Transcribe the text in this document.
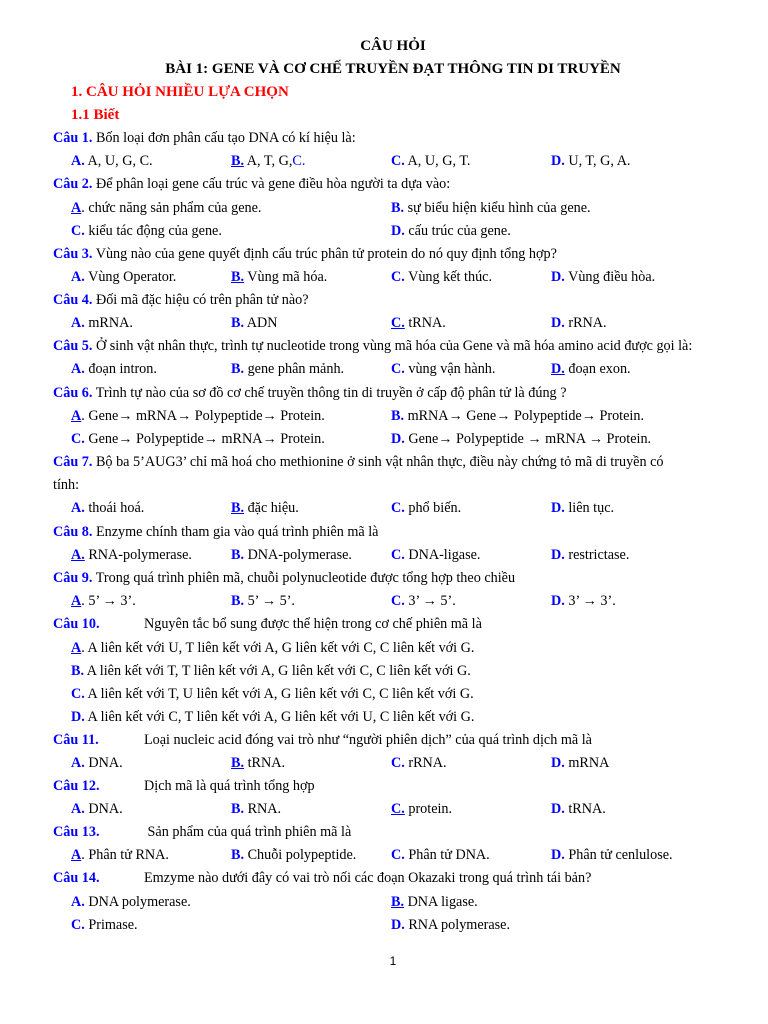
CÂU HỎI
BÀI 1: GENE VÀ CƠ CHẾ TRUYỀN ĐẠT THÔNG TIN DI TRUYỀN
1. CÂU HỎI NHIỀU LỰA CHỌN
1.1 Biết
Câu 1. Bốn loại đơn phân cấu tạo DNA có kí hiệu là:
A. A, U, G, C.	B. A, T, G,C.	C. A, U, G, T.	D. U, T, G, A.
Câu 2. Để phân loại gene cấu trúc và gene điều hòa người ta dựa vào:
A. chức năng sản phẩm của gene.	B. sự biểu hiện kiểu hình của gene.
C. kiểu tác động của gene.	D. cấu trúc của gene.
Câu 3. Vùng nào của gene quyết định cấu trúc phân tử protein do nó quy định tổng hợp?
A. Vùng Operator.	B. Vùng mã hóa.	C. Vùng kết thúc.	D. Vùng điều hòa.
Câu 4. Đối mã đặc hiệu có trên phân tử nào?
A. mRNA.	B. ADN	C. tRNA.	D. rRNA.
Câu 5. Ở sinh vật nhân thực, trình tự nucleotide trong vùng mã hóa của Gene và mã hóa amino acid được gọi là:
A. đoạn intron.	B. gene phân mảnh.	C. vùng vận hành.	D. đoạn exon.
Câu 6. Trình tự nào của sơ đồ cơ chế truyền thông tin di truyền ở cấp độ phân tử là đúng ?
A. Gene→ mRNA→ Polypeptide→ Protein.	B. mRNA→ Gene→ Polypeptide→ Protein.
C. Gene→ Polypeptide→ mRNA→ Protein.	D. Gene→ Polypeptide → mRNA → Protein.
Câu 7. Bộ ba 5’AUG3’ chỉ mã hoá cho methionine ở sinh vật nhân thực, điều này chứng tỏ mã di truyền có
tính:
A. thoái hoá.	B. đặc hiệu.	C. phổ biến.	D. liên tục.
Câu 8. Enzyme chính tham gia vào quá trình phiên mã là
A. RNA-polymerase.	B. DNA-polymerase.	C. DNA-ligase.	D. restrictase.
Câu 9. Trong quá trình phiên mã, chuỗi polynucleotide được tổng hợp theo chiều
A. 5’ → 3’.	B. 5’ → 5’.	C. 3’ → 5’.	D. 3’ → 3’.
Câu 10.	Nguyên tắc bổ sung được thể hiện trong cơ chế phiên mã là
A. A liên kết với U, T liên kết với A, G liên kết với C, C liên kết với G.
B. A liên kết với T, T liên kết với A, G liên kết với C, C liên kết với G.
C. A liên kết với T, U liên kết với A, G liên kết với C, C liên kết với G.
D. A liên kết với C, T liên kết với A, G liên kết với U, C liên kết với G.
Câu 11.	Loại nucleic acid đóng vai trò như “người phiên dịch” của quá trình dịch mã là
A. DNA.	B. tRNA.	C. rRNA.	D. mRNA
Câu 12.	Dịch mã là quá trình tổng hợp
A. DNA.	B. RNA.	C. protein.	D. tRNA.
Câu 13.	Sản phẩm của quá trình phiên mã là
A. Phân tử RNA.	B. Chuỗi polypeptide. C. Phân tử DNA.	D. Phân tử cenlulose.
Câu 14.	Emzyme nào dưới đây có vai trò nối các đoạn Okazaki trong quá trình tái bản?
A. DNA polymerase.	B. DNA ligase.
C. Primase.	D. RNA polymerase.
1
